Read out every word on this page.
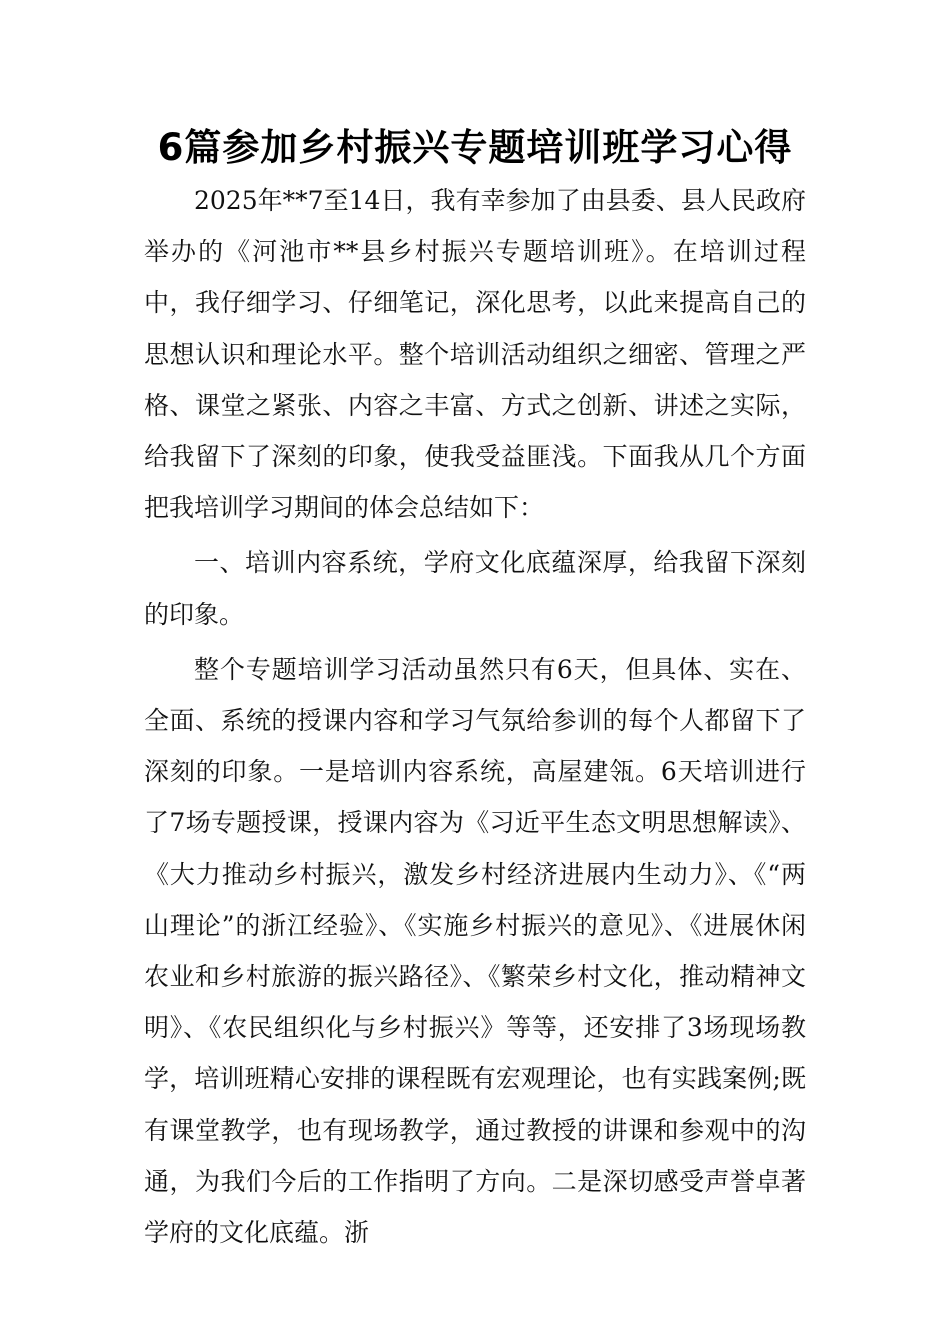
6篇参加乡村振兴专题培训班学习心得

2025年**7至14日，我有幸参加了由县委、县人民政府举办的《河池市**县乡村振兴专题培训班》。在培训过程中，我仔细学习、仔细笔记，深化思考，以此来提高自己的思想认识和理论水平。整个培训活动组织之细密、管理之严格、课堂之紧张、内容之丰富、方式之创新、讲述之实际，给我留下了深刻的印象，使我受益匪浅。下面我从几个方面把我培训学习期间的体会总结如下：

一、培训内容系统，学府文化底蕴深厚，给我留下深刻的印象。

整个专题培训学习活动虽然只有6天，但具体、实在、全面、系统的授课内容和学习气氛给参训的每个人都留下了深刻的印象。一是培训内容系统，高屋建瓴。6天培训进行了7场专题授课，授课内容为《习近平生态文明思想解读》、《大力推动乡村振兴，激发乡村经济进展内生动力》、《“两山理论”的浙江经验》、《实施乡村振兴的意见》、《进展休闲农业和乡村旅游的振兴路径》、《繁荣乡村文化，推动精神文明》、《农民组织化与乡村振兴》等等，还安排了3场现场教学，培训班精心安排的课程既有宏观理论，也有实践案例;既有课堂教学，也有现场教学，通过教授的讲课和参观中的沟通，为我们今后的工作指明了方向。二是深切感受声誉卓著学府的文化底蕴。浙
